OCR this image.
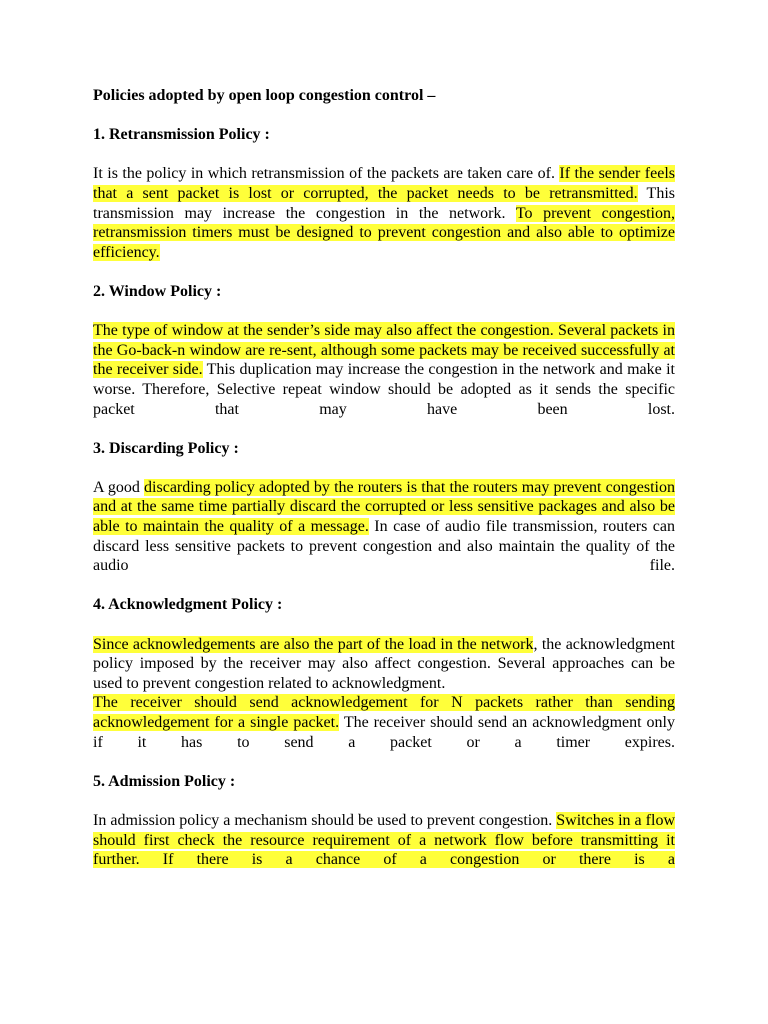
Policies adopted by open loop congestion control –

1. Retransmission Policy :

It is the policy in which retransmission of the packets are taken care of. If the sender feels that a sent packet is lost or corrupted, the packet needs to be retransmitted. This transmission may increase the congestion in the network. To prevent congestion, retransmission timers must be designed to prevent congestion and also able to optimize efficiency.

2. Window Policy :

The type of window at the sender’s side may also affect the congestion. Several packets in the Go-back-n window are re-sent, although some packets may be received successfully at the receiver side. This duplication may increase the congestion in the network and make it worse. Therefore, Selective repeat window should be adopted as it sends the specific packet that may have been lost.

3. Discarding Policy :

A good discarding policy adopted by the routers is that the routers may prevent congestion and at the same time partially discard the corrupted or less sensitive packages and also be able to maintain the quality of a message. In case of audio file transmission, routers can discard less sensitive packets to prevent congestion and also maintain the quality of the audio file.

4. Acknowledgment Policy :

Since acknowledgements are also the part of the load in the network, the acknowledgment policy imposed by the receiver may also affect congestion. Several approaches can be used to prevent congestion related to acknowledgment.

The receiver should send acknowledgement for N packets rather than sending acknowledgement for a single packet. The receiver should send an acknowledgment only if it has to send a packet or a timer expires.

5. Admission Policy :

In admission policy a mechanism should be used to prevent congestion. Switches in a flow should first check the resource requirement of a network flow before transmitting it further. If there is a chance of a congestion or there is a
